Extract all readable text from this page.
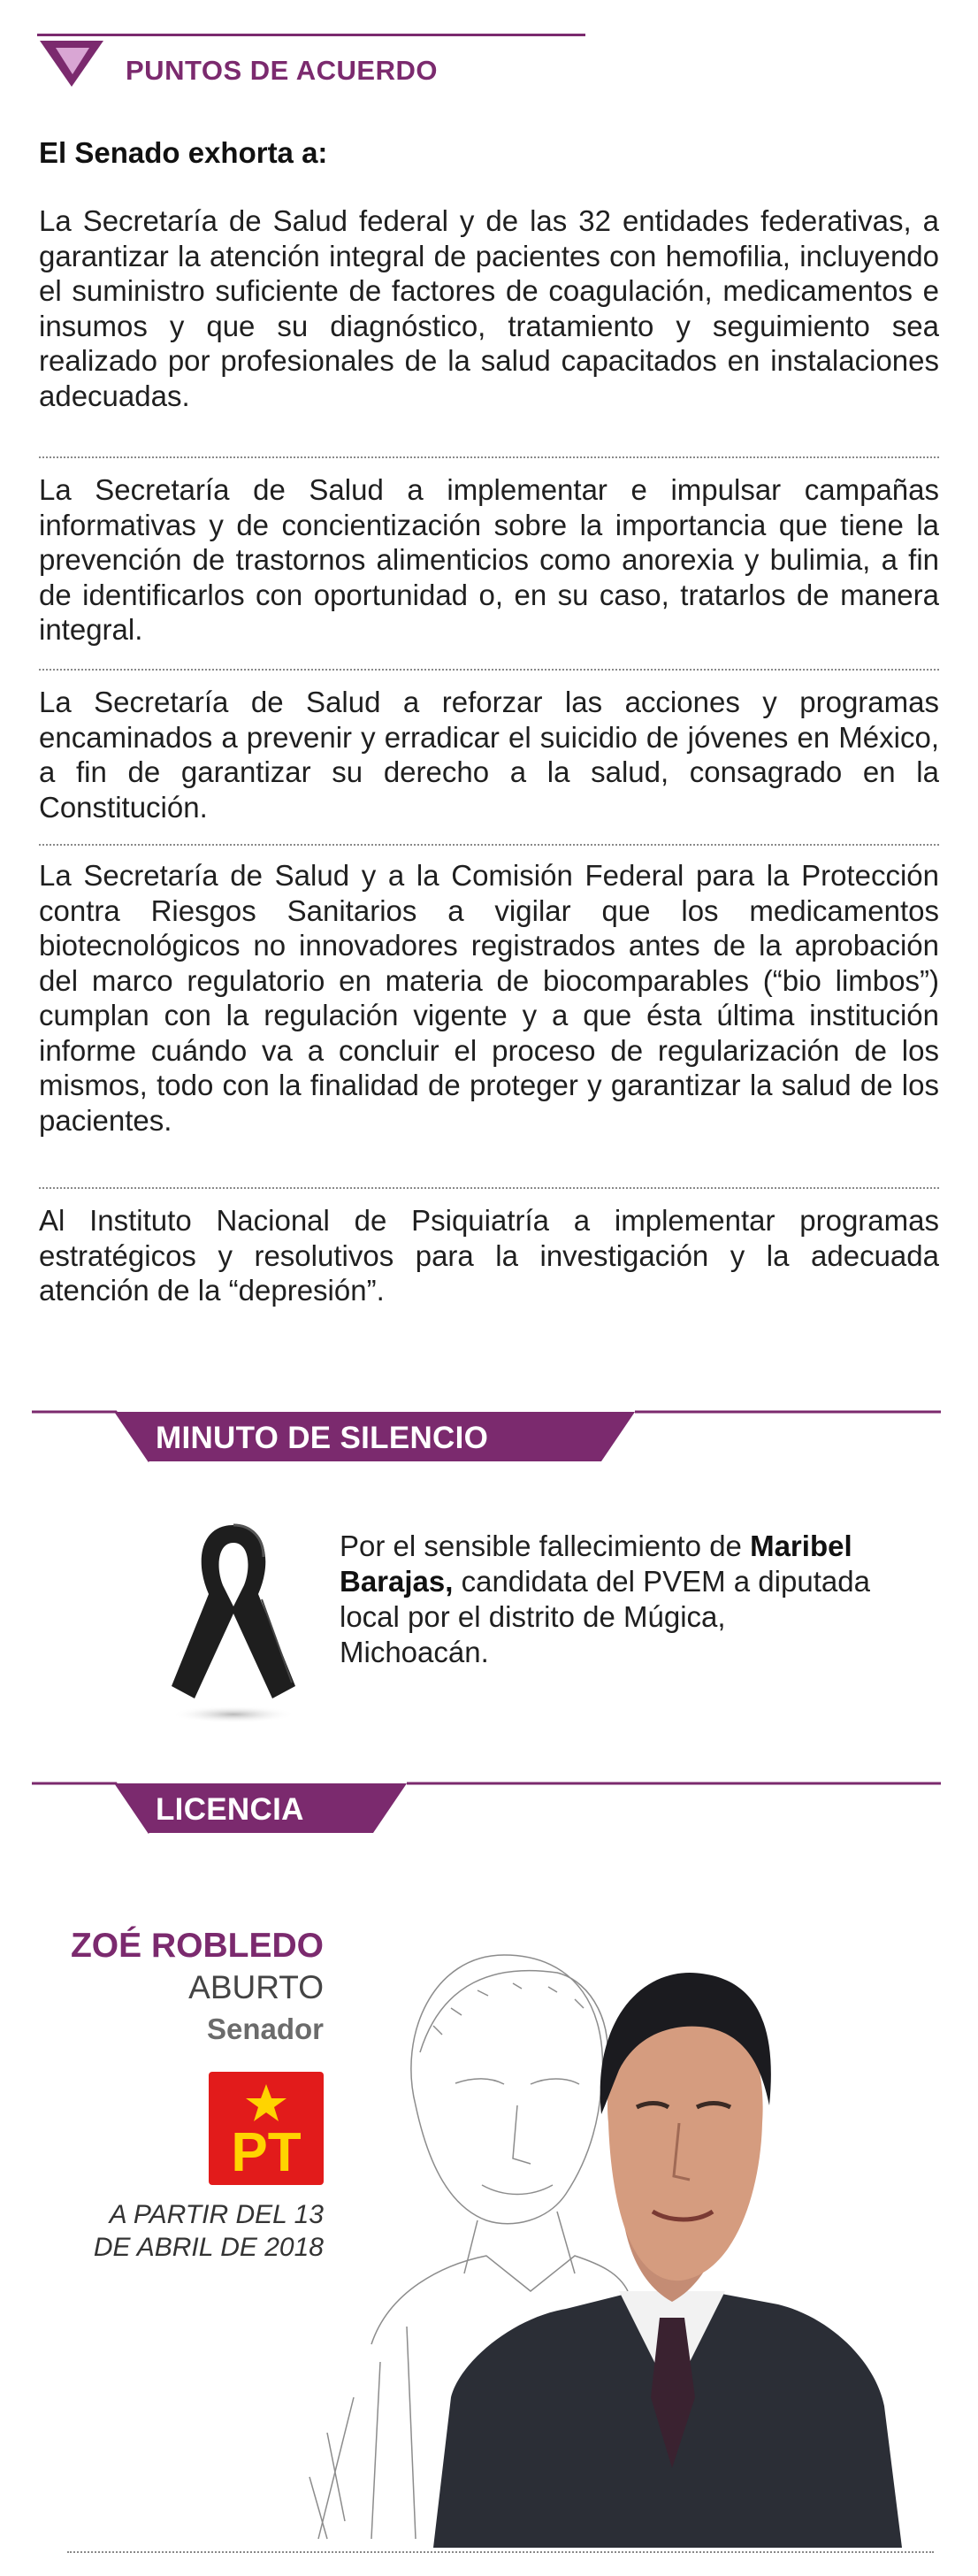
PUNTOS DE ACUERDO
El Senado exhorta a:
La Secretaría de Salud federal y de las 32 entidades federativas, a garantizar la atención integral de pacientes con hemofilia, incluyendo el suministro suficiente de factores de coagulación, medicamentos e insumos y que su diagnóstico, tratamiento y seguimiento sea realizado por profesionales de la salud capacitados en instalaciones adecuadas.
La Secretaría de Salud a implementar e impulsar campañas informativas y de concientización sobre la importancia que tiene la prevención de trastornos alimenticios como anorexia y bulimia, a fin de identificarlos con oportunidad o, en su caso, tratarlos de manera integral.
La Secretaría de Salud a reforzar las acciones y programas encaminados a prevenir y erradicar el suicidio de jóvenes en México, a fin de garantizar su derecho a la salud, consagrado en la Constitución.
La Secretaría de Salud y a la Comisión Federal para la Protección contra Riesgos Sanitarios a vigilar que los medicamentos biotecnológicos no innovadores registrados antes de la aprobación del marco regulatorio en materia de biocomparables (“bio limbos”) cumplan con la regulación vigente y a que ésta última institución informe cuándo va a concluir el proceso de regularización de los mismos, todo con la finalidad de proteger y garantizar la salud de los pacientes.
Al Instituto Nacional de Psiquiatría a implementar programas estratégicos y resolutivos para la investigación y la adecuada atención de la “depresión”.
MINUTO DE SILENCIO
Por el sensible fallecimiento de Maribel Barajas, candidata del PVEM a diputada local por el distrito de Múgica, Michoacán.
LICENCIA
ZOÉ ROBLEDO
ABURTO
Senador
PT
A PARTIR DEL 13
DE ABRIL DE 2018
